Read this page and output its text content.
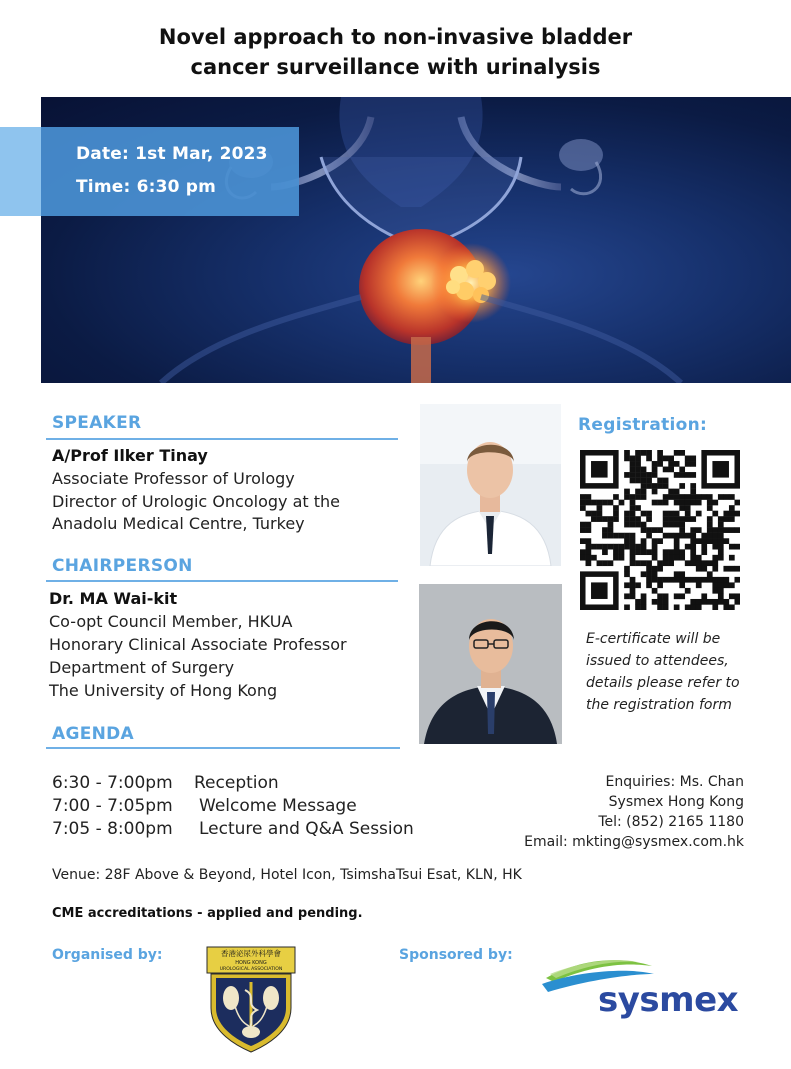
Novel approach to non-invasive bladder
cancer surveillance with urinalysis
Date: 1st Mar, 2023
Time: 6:30 pm
SPEAKER
A/Prof Ilker Tinay
Associate Professor of Urology
Director of Urologic Oncology at the
Anadolu Medical Centre, Turkey
CHAIRPERSON
Dr. MA Wai-kit
Co-opt Council Member, HKUA
Honorary Clinical Associate Professor
Department of Surgery
The University of Hong Kong
Registration:
E-certificate will be issued to attendees, details please refer to the registration form
AGENDA
6:30 - 7:00pm Reception
7:00 - 7:05pm Welcome Message
7:05 - 8:00pm Lecture and Q&A Session
Enquiries: Ms. Chan
Sysmex Hong Kong
Tel: (852) 2165 1180
Email: mkting@sysmex.com.hk
Venue: 28F Above & Beyond, Hotel Icon, TsimshaTsui Esat, KLN, HK
CME accreditations - applied and pending.
Organised by:	Sponsored by:
香港泌尿外科學會
HONG KONG
UROLOGICAL ASSOCIATION
sysmex
